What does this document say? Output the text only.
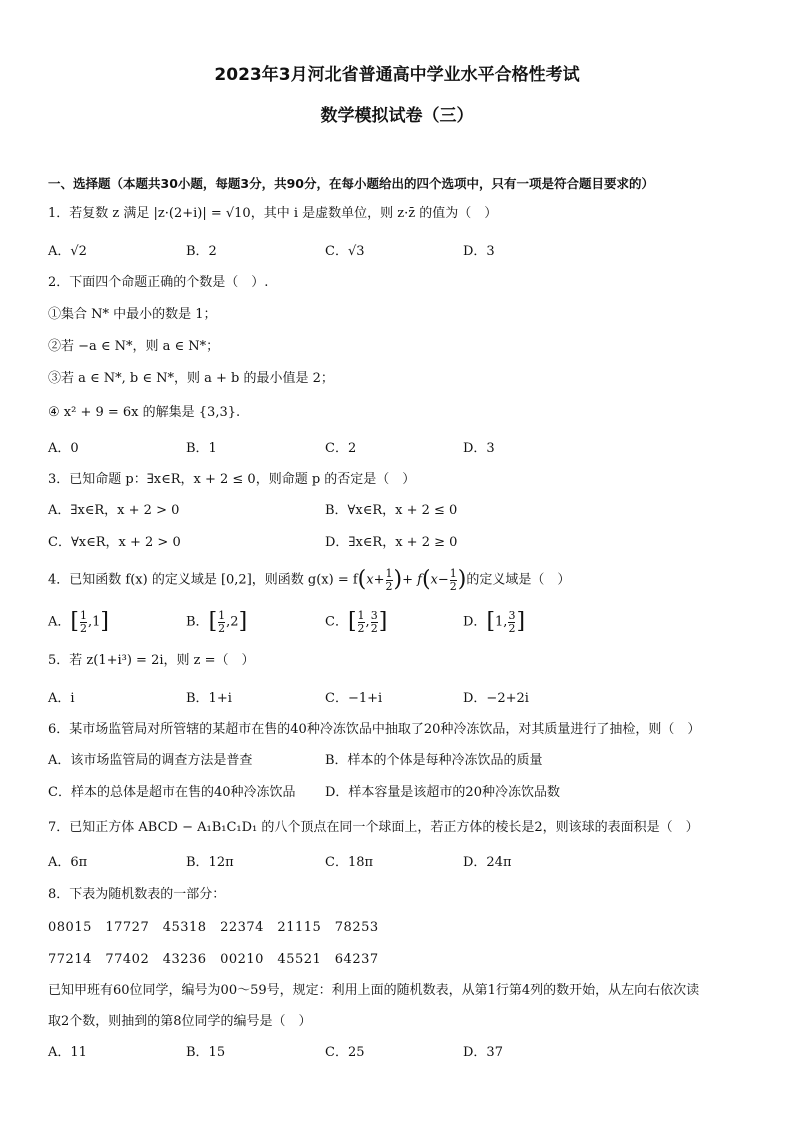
2023年3月河北省普通高中学业水平合格性考试
数学模拟试卷（三）
一、选择题（本题共30小题，每题3分，共90分，在每小题给出的四个选项中，只有一项是符合题目要求的）
1．若复数 z 满足 |z·(2+i)| = √10，其中 i 是虚数单位，则 z·z̄ 的值为（　）
A．√2	B．2	C．√3	D．3
2．下面四个命题正确的个数是（　）.
①集合 N* 中最小的数是 1；
②若 −a ∈ N*，则 a ∈ N*；
③若 a ∈ N*, b ∈ N*，则 a + b 的最小值是 2；
④ x² + 9 = 6x 的解集是 {3,3}.
A．0	B．1	C．2	D．3
3．已知命题 p：∃x∈R，x + 2 ≤ 0，则命题 p 的否定是（　）
A．∃x∈R，x + 2 > 0	B．∀x∈R，x + 2 ≤ 0
C．∀x∈R，x + 2 > 0	D．∃x∈R，x + 2 ≥ 0
4．已知函数 f(x) 的定义域是 [0,2]，则函数 $g(x) = f(x+ \frac{1}{2}$ )+ $f(x- \frac{1}{2}$ )的定义域是（　）
A．[ $\frac{1}{2} ,1$]	B．[ $\frac{1}{2} ,2$]	C．[ $\frac{1}{2}$ , $\frac{3}{2}$ ]	D．[1, $\frac{3}{2}$ ]
5．若 z(1+i³) = 2i，则 z =（　）
A．i	B．1+i	C．−1+i	D．−2+2i
6．某市场监管局对所管辖的某超市在售的40种冷冻饮品中抽取了20种冷冻饮品，对其质量进行了抽检，则（　）
A．该市场监管局的调查方法是普查	B．样本的个体是每种冷冻饮品的质量
C．样本的总体是超市在售的40种冷冻饮品 D．样本容量是该超市的20种冷冻饮品数
7．已知正方体 ABCD − A₁B₁C₁D₁ 的八个顶点在同一个球面上，若正方体的棱长是2，则该球的表面积是（　）
A．6π	B．12π	C．18π	D．24π
8．下表为随机数表的一部分：
08015　17727　45318　22374　21115　78253
77214　77402　43236　00210　45521　64237
已知甲班有60位同学，编号为00～59号，规定：利用上面的随机数表，从第1行第4列的数开始，从左向右依次读
取2个数，则抽到的第8位同学的编号是（　）
A．11	B．15	C．25	D．37
